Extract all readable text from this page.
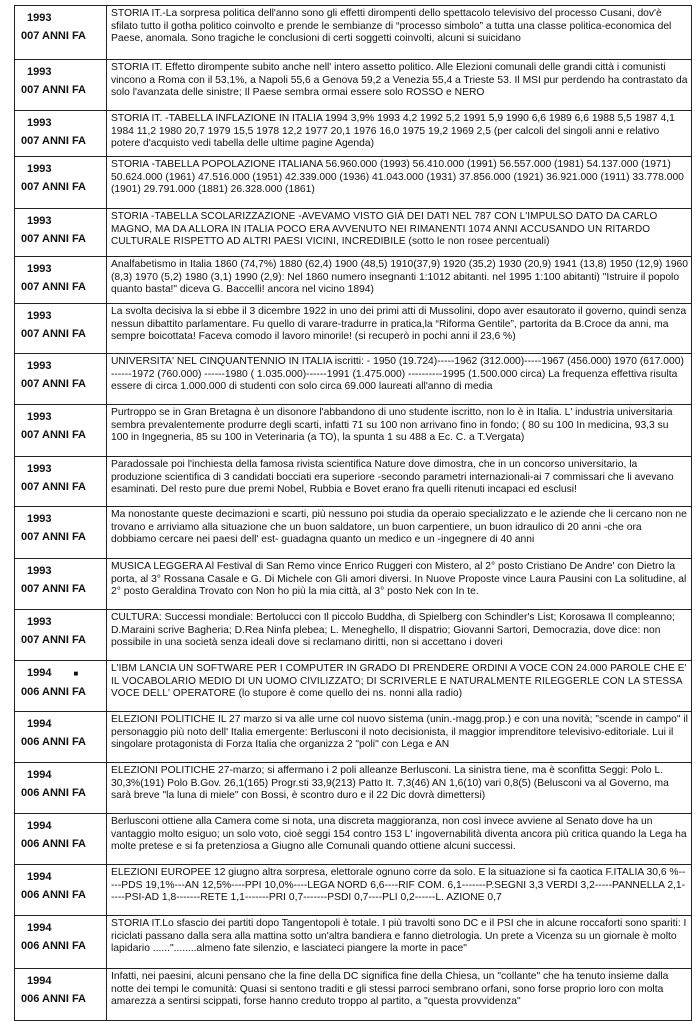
1993
007 ANNI FA
STORIA IT.-La sorpresa politica dell'anno sono gli effetti dirompenti dello spettacolo televisivo del processo Cusani, dov'è sfilato tutto il gotha politico coinvolto e prende le sembianze di “processo simbolo” a tutta una classe politica-economica del Paese, anomala. Sono tragiche le conclusioni di certi soggetti coinvolti, alcuni si suicidano
1993
007 ANNI FA
STORIA IT. Effetto dirompente subito anche nell' intero assetto politico. Alle Elezioni comunali delle grandi città i comunisti vincono a Roma con il 53,1%, a Napoli 55,6 a Genova 59,2 a Venezia 55,4 a Trieste 53. Il MSI pur perdendo ha contrastato da solo l'avanzata delle sinistre; Il Paese sembra ormai essere solo ROSSO e NERO
1993
007 ANNI FA
STORIA IT. -TABELLA INFLAZIONE IN ITALIA 1994 3,9% 1993 4,2 1992 5,2 1991 5,9 1990 6,6 1989 6,6 1988 5,5 1987 4,1 1984 11,2 1980 20,7 1979 15,5 1978 12,2 1977 20,1 1976 16,0 1975 19,2 1969 2,5 (per calcoli del singoli anni e relativo potere d'acquisto vedi tabella delle ultime pagine Agenda)
1993
007 ANNI FA
STORIA -TABELLA POPOLAZIONE ITALIANA 56.960.000 (1993) 56.410.000 (1991) 56.557.000 (1981) 54.137.000 (1971) 50.624.000 (1961) 47.516.000 (1951) 42.339.000 (1936) 41.043.000 (1931) 37.856.000 (1921) 36.921.000 (1911) 33.778.000 (1901) 29.791.000 (1881) 26.328.000 (1861)
1993
007 ANNI FA
STORIA -TABELLA SCOLARIZZAZIONE -AVEVAMO VISTO GIÀ DEI DATI NEL 787 CON L'IMPULSO DATO DA CARLO MAGNO, MA DA ALLORA IN ITALIA POCO ERA AVVENUTO NEI RIMANENTI 1074 ANNI ACCUSANDO UN RITARDO CULTURALE RISPETTO AD ALTRI PAESI VICINI, INCREDIBILE (sotto le non rosee percentuali)
1993
007 ANNI FA
Analfabetismo in Italia 1860 (74,7%) 1880 (62,4) 1900 (48,5) 1910(37,9) 1920 (35,2) 1930 (20,9) 1941 (13,8) 1950 (12,9) 1960 (8,3) 1970 (5,2) 1980 (3,1) 1990 (2,9): Nel 1860 numero insegnanti 1:1012 abitanti. nel 1995 1:100 abitanti) "Istruire il popolo quanto basta!" diceva G. Baccelli! ancora nel vicino 1894)
1993
007 ANNI FA
La svolta decisiva la si ebbe il 3 dicembre 1922 in uno dei primi atti di Mussolini, dopo aver esautorato il governo, quindi senza nessun dibattito parlamentare. Fu quello di varare-tradurre in pratica,la “Riforma Gentile”, partorita da B.Croce da anni, ma sempre boicottata! Faceva comodo il lavoro minorile! (si recuperò in pochi anni il 23,6 %)
1993
007 ANNI FA
UNIVERSITA' NEL CINQUANTENNIO IN ITALIA iscritti: - 1950 (19.724)-----1962 (312.000)-----1967 (456.000) 1970 (617.000) ------1972 (760.000) ------1980 ( 1.035.000)------1991 (1.475.000) ----------1995 (1.500.000 circa) La frequenza effettiva risulta essere di circa 1.000.000 di studenti con solo circa 69.000 laureati all'anno di media
1993
007 ANNI FA
Purtroppo se in Gran Bretagna è un disonore l'abbandono di uno studente iscritto, non lo è in Italia. L' industria universitaria sembra prevalentemente produrre degli scarti, infatti 71 su 100 non arrivano fino in fondo; ( 80 su 100 In medicina, 93,3 su 100 in Ingegneria, 85 su 100 in Veterinaria (a TO), la spunta 1 su 488 a Ec. C. a T.Vergata)
1993
007 ANNI FA
Paradossale poi l'inchiesta della famosa rivista scientifica Nature dove dimostra, che in un concorso universitario, la produzione scientifica di 3 candidati bocciati era superiore -secondo parametri internazionali-ai 7 commissari che li avevano esaminati. Del resto pure due premi Nobel, Rubbia e Bovet erano fra quelli ritenuti incapaci ed esclusi!
1993
007 ANNI FA
Ma nonostante queste decimazioni e scarti, più nessuno poi studia da operaio specializzato e le aziende che li cercano non ne trovano e arriviamo alla situazione che un buon saldatore, un buon carpentiere, un buon idraulico di 20 anni -che ora dobbiamo cercare nei paesi dell' est- guadagna quanto un medico e un -ingegnere di 40 anni
1993
007 ANNI FA
MUSICA LEGGERA Al Festival di San Remo vince Enrico Ruggeri con Mistero, al 2° posto Cristiano De Andre' con Dietro la porta, al 3° Rossana Casale e G. Di Michele con Gli amori diversi. In Nuove Proposte vince Laura Pausini con La solitudine, al 2° posto Geraldina Trovato con Non ho più la mia città, al 3° posto Nek con In te.
1993
007 ANNI FA
CULTURA: Successi mondiale: Bertolucci con Il piccolo Buddha, di Spielberg con Schindler's List; Korosawa Il compleanno; D.Maraini scrive Bagheria; D.Rea Ninfa plebea; L. Meneghello, Il dispatrio; Giovanni Sartori, Democrazia, dove dice: non possibile in una società senza ideali dove si reclamano diritti, non si accettano i doveri
1994	■
006 ANNI FA
L'IBM LANCIA UN SOFTWARE PER I COMPUTER IN GRADO DI PRENDERE ORDINI A VOCE CON 24.000 PAROLE CHE E' IL VOCABOLARIO MEDIO DI UN UOMO CIVILIZZATO; DI SCRIVERLE E NATURALMENTE RILEGGERLE CON LA STESSA VOCE DELL' OPERATORE (lo stupore è come quello dei ns. nonni alla radio)
1994
006 ANNI FA
ELEZIONI POLITICHE IL 27 marzo si va alle urne col nuovo sistema (unin.-magg.prop.) e con una novità; "scende in campo" il personaggio più noto dell' Italia emergente: Berlusconi il noto decisionista, il maggior imprenditore televisivo-editoriale. Lui il singolare protagonista di Forza Italia che organizza 2 "poli" con Lega e AN
1994
006 ANNI FA
ELEZIONI POLITICHE 27-marzo; si affermano i 2 poli alleanze Berlusconi. La sinistra tiene, ma è sconfitta Seggi: Polo L. 30,3%(191) Polo B.Gov. 26,1(165) Progr.sti 33,9(213) Patto It. 7,3(46) AN 1,6(10) vari 0,8(5) (Belusconi va al Governo, ma sarà breve "la luna di miele" con Bossi, è scontro duro e il 22 Dic dovrà dimettersi)
1994
006 ANNI FA
Berlusconi ottiene alla Camera come si nota, una discreta maggioranza, non così invece avviene al Senato dove ha un vantaggio molto esiguo; un solo voto, cioè seggi 154 contro 153 L' ingovernabilità diventa ancora più critica quando la Lega ha molte pretese e si fa pretenziosa a Giugno alle Comunali quando ottiene alcuni successi.
1994
006 ANNI FA
ELEZIONI EUROPEE 12 giugno altra sorpresa, elettorale ognuno corre da solo. E la situazione si fa caotica F.ITALIA 30,6 %-----PDS 19,1%---AN 12,5%----PPI 10,0%----LEGA NORD 6,6----RIF COM. 6,1-------P.SEGNI 3,3 VERDI 3,2-----PANNELLA 2,1- ----PSI-AD 1,8-------RETE 1,1-------PRI 0,7-------PSDI 0,7----PLI 0,2------L. AZIONE 0,7
1994
006 ANNI FA
STORIA IT.Lo sfascio dei partiti dopo Tangentopoli è totale. I più travolti sono DC e il PSI che in alcune roccaforti sono spariti: I riciclati passano dalla sera alla mattina sotto un'altra bandiera e fanno dietrologia. Un prete a Vicenza su un giornale è molto lapidario ......"........almeno fate silenzio, e lasciateci piangere la morte in pace"
1994
006 ANNI FA
Infatti, nei paesini, alcuni pensano che la fine della DC significa fine della Chiesa, un "collante" che ha tenuto insieme dalla notte dei tempi le comunità: Quasi si sentono traditi e gli stessi parroci sembrano orfani, sono forse proprio loro con molta amarezza a sentirsi scippati, forse hanno creduto troppo al partito, a "questa provvidenza"
